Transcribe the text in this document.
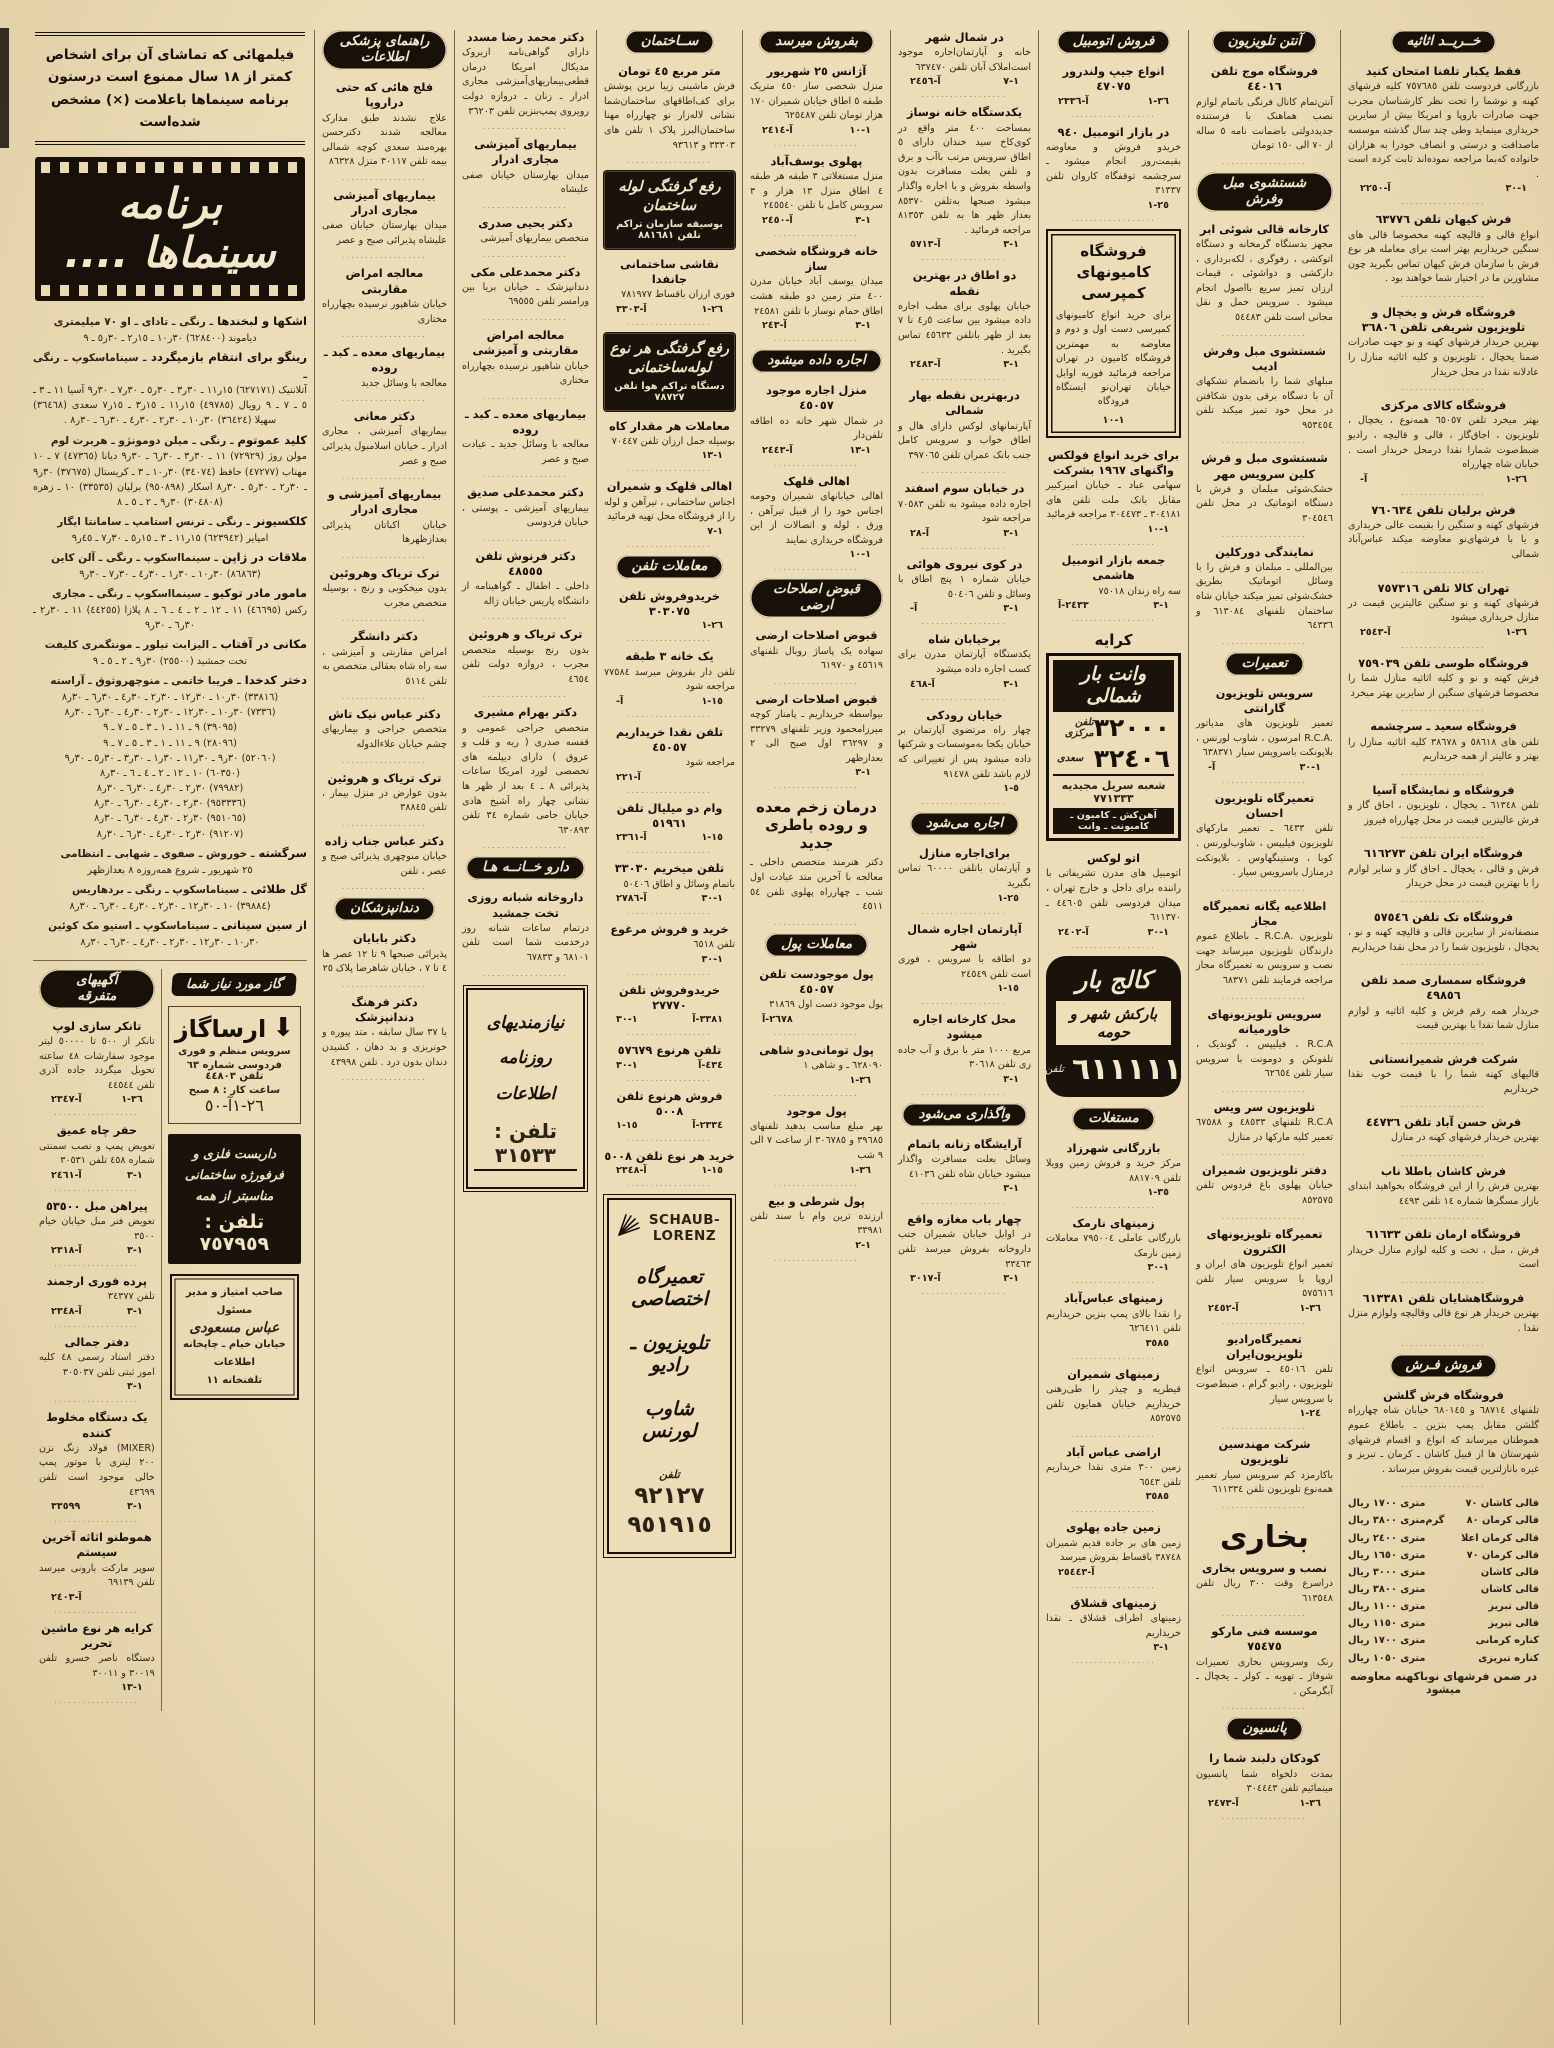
خــریــد اثاثیه
فقط یکبار تلفنا امتحان کنید
بازرگانی فردوست تلفن ۷٥۷٦۸٥ کلیه فرشهای کهنه و نوشما را تحت نظر کارشناسان مجرب جهت صادرات باروپا و امریکا بیش از سایرین خریداری مینماید وطی چند سال گذشته موسسه ماصداقت و درستی و انصاف خودرا به هزاران خانواده که‌بما مراجعه نموده‌اند ثابت کرده است .
۳۰-۱
آ-۲۲٥۰
..................
فرش کیهان تلفن ٦۳۷۷٦
انواع قالی و قالیچه کهنه مخصوصا قالی های سنگین خریداریم بهتر است برای معامله هر نوع فرش با سازمان فرش کیهان تماس بگیرید چون مشاورین ما در اختیار شما خواهند بود .
..................
فروشگاه فرش و یخچال و تلویزیون شریفی تلفن ۳٦۸۰٦
بهترین خریدار فرشهای کهنه و نو جهت صادرات ضمنا یخچال ، تلویزیون و کلیه اثاثیه منازل را عادلانه نقدا در محل خریدار
..................
فروشگاه کالای مرکزی
بهتر میخرد تلفن ٦٥۰٥۷ همه‌نوع ، یخچال ، تلویزیون ، اجاق‌گاز ، قالی و قالیچه ، رادیو ضبط‌صوت شمارا نقدا درمحل خریدار است . خیابان شاه چهارراه
۲٦-۱
آ-
..................
فرش برلیان تلفن ۷٦۰٦۳٤
فرشهای کهنه و سنگین را بقیمت عالی خریداری و یا با فرشهای‌نو معاوضه میکند عباس‌آباد شمالی
..................
تهران کالا تلفن ۷٥۷۳۱٦
فرشهای کهنه و نو سنگین عالیترین قیمت در منازل خریداری میشود
۳٦-۱
آ-۲٥٤۳
..................
فروشگاه طوسی تلفن ۷٥۹۰۳۹
فرش کهنه و نو و کلیه اثاثیه منازل شما را مخصوصا فرشهای سنگین از سایرین بهتر میخرد
..................
فروشگاه سعید ـ سرچشمه
تلفن های ٥۸٦۱۸ و ۳۸٦۷۸ کلیه اثاثیه منازل را بهتر و عالیتر از همه خریداریم
..................
فروشگاه و نمایشگاه آسیا
تلفن ٦۱۳٤۸ ـ یخچال ، تلویزیون ، اجاق گاز و فرش عالیترین قیمت در محل چهارراه فیروز
..................
فروشگاه ایران تلفن ٦۱٦۲۷۳
فرش و قالی ، یخچال ـ اجاق گاز و سایر لوازم را با بهترین قیمت در محل خریدار
..................
فروشگاه تک تلفن ٥۷٥٤٦
منصفانه‌تر از سایرین قالی و قالیچه کهنه و نو ، یخچال ، تلویزیون شما را در محل نقدا خریداریم
..................
فروشگاه سمساری صمد تلفن ٤۹۸٥٦
خریدار همه رقم فرش و کلیه اثاثیه و لوازم منازل شما نقدا با بهترین قیمت
..................
شرکت فرش شمیرانستانی
قالیهای کهنه شما را با قیمت خوب نقدا خریداریم
..................
فرش حسن آباد تلفن ٤٤۷۳٦
بهترین خریدار فرشهای کهنه در منازل
..................
فرش کاشان باطلا ناب
بهترین فرش را از این فروشگاه بخواهید ابتدای بازار مسگرها شماره ۱٤ تلفن ٤٤۹۳
..................
فروشگاه ارمان تلفن ٦۱٦۳۳
فرش ، مبل ، تخت و کلیه لوازم منازل خریدار است
..................
فروشگاهشایان تلفن ٦۱۳۳۸۱
بهترین خریدار هر نوع قالی وقالیچه ولوازم منزل نقدا .
..................
فروش فـرش
فروشگاه فرش گلشن
تلفنهای ٦۸۷۱٤ و ٦۸۰۱٤٥ خیابان شاه چهارراه گلشن مقابل پمپ بنزین ـ باطلاع عموم هموطنان میرساند که انواع و اقسام فرشهای شهرستان ها از قبیل کاشان ـ کرمان ـ تبریز و غیره بانازلترین قیمت بفروش میرساند .
..................
قالی کاشان ۷۰
متری ۱۷۰۰ ریال
قالی کرمان ۸۰
گرم‌متری ۳۸۰۰ ریال
قالی کرمان اعلا
متری ۲٤۰۰ ریال
قالی کرمان ۷۰
متری ۱٦٥۰ ریال
قالی کاشان
متری ۳۰۰۰ ریال
قالی کاشان
متری ۳۸۰۰ ریال
قالی تبریز
متری ۱۱۰۰ ریال
قالی تبریز
متری ۱۱٥۰ ریال
کناره کرمانی
متری ۱۷۰۰ ریال
کناره تبریزی
متری ۱۰٥۰ ریال
در ضمن فرشهای نوباکهنه معاوضه میشود
آنتن تلویزیون
فروشگاه موج تلفن ٤٤۰۱٦
آنتن‌تمام کانال فرنگی باتمام لوازم نصب هماهنک با فرستنده جدیددولتی باضمانت نامه ٥ ساله از ۷۰ الی ۱٥۰ تومان
..................
شستشوی مبل وفرش
کارخانه قالی شوئی ابر
مجهز بدستگاه گرمخانه و دستگاه اتوکشی ، رفوگری ، لکه‌برداری ، دارکشی و دواشوئی ، قیمات ارزان تمیز سریع بااصول انجام میشود . سرویس حمل و نقل مجانی است تلفن ٥٤٤۸۳
..................
شستشوی مبل وفرش ادیب
مبلهای شما را بانضمام تشکهای آن با دسگاه برقی بدون شکافتن در محل خود تمیز میکند تلفن ۹٥۳٤٥٤
..................
شستشوی مبل و فرش کلین سرویس مهر
خشک‌شوئی مبلمان و فرش با دستگاه اتوماتیک در محل تلفن ۳۰٤٥٤٦
..................
نمایندگی دورکلین
بین‌المللی ـ مبلمان و فرش را با وسائل اتوماتیک بطریق خشک‌شوئی تمیز میکند خیابان شاه ساختمان تلفنهای ٦۱۳۰۸٤ و ٦٤۳۳٦
..................
تعمیرات
سرویس تلویزیون گارانتی
تعمیر تلویزیون های مدیاتور .R.C.A امرسون ، شاوب لورنس ، بلاپونکت باسرویس سیار ٦۳۸۳۷۱
۳۰-۱
آ-
..................
تعمیرگاه تلویزیون احسان
تلفن ٦٤۳۳ ـ تعمیر مارکهای تلویزیون فیلیپس ، شاوب‌لورنس . کوبا ، وستینگهاوس . بلاپونکت درمنازل باسرویس سیار .
..................
اطلاعیه یگانه تعمیرگاه مجاز
تلویزیون .R.C.A ـ باطلاع عموم دارندگان تلویزیون میرساند جهت نصب و سرویس به تعمیرگاه مجاز مراجعه فرمایند تلفن ٦۸۳۷۱
..................
سرویس تلویزیونهای خاورمیانه
R.C.A ، فیلیپس ، گوندیک ، تلفونکن و دومونت با سرویس سیار تلفن ٦۲٦٥٤
..................
تلویزیون سر ویس
R.C.A تلفنهای ٤۸٥۳۳ و ٦۷٥۸٨ تعمیر کلیه مارکها در منازل
..................
دفتر تلویزیون شمیران
خیابان پهلوی باغ فردوس تلفن ۸٥۲٥۷٥
..................
تعمیرگاه تلویزیونهای الکترون
تعمیر انواع تلویزیون های ایران و اروپا با سرویس سیار تلفن ٥۷٥٦۱٦
۳٦-۱
آ-۲٤٥۲
..................
تعمیرگاه‌رادیو تلویزیون‌ایران
تلفن ٤٥۰۱٦ ـ سرویس انواع تلویزیون ، رادیو گرام ، ضبط‌صوت با سرویس سیار
۲٤-۱
..................
شرکت مهندسین تلویزیون
باکارمزد کم سرویس سیار تعمیر همه‌نوع تلویزیون تلفن ٦۱۱۳۳٤
..................
بخاری
نصب و سرویس بخاری
دراسرع وقت ۳۰۰ ریال تلفن ٦۱۳٥٤۸
..................
موسسه فنی مارکو ۷٥٤۷٥
رنک وسرویس بخاری تعمیرات شوفاژ ـ تهویه ـ کولر ـ یخچال ـ آبگرمکن .
..................
پانسیون
کودکان دلبند شما را
بمدت دلخواه شما پانسیون مینمائیم تلفن ۳۰٤٤٤۳
۳٦-۱
آ-۲٤۷۳
..................
فروش اتومبیل
انواع جیپ ولندرور ٤۷۰۷٥
۳٦-۱
آ-۲۳۳٦
..................
در بازار اتومبیل ۹٤۰
خریدو فروش و معاوضه بقیمت‌روز انجام میشود ـ سرچشمه توقفگاه کاروان تلفن ۳۱۳۳۷
۲٥-۱
..................
فروشگاه کامیونهای
کمپرسی
برای خرید انواع کامیونهای کمپرسی دست اول و دوم و معاوضه به مهمترین فروشگاه کامیون در تهران مراجعه فرمائید فوزیه اوایل خیابان تهران‌نو ایستگاه فرودگاه
۱۰-۱
برای خرید انواع فولکس واگنهای ۱۹٦۷ بشرکت
سهامی عباد ـ خیابان امیرکبیر مقابل بانک ملت تلفن های ۳۰٤۱۸۱ ـ ۳۰٤٤۷۳ مراجعه فرمائید
۱۰-۱
..................
جمعه بازار اتومبیل هاشمی
سه راه زندان ۷٥۰۱۸
۳-۱
۲٤۳۳-آ
..................
کرایه
وانت بار شمالی
۳۲۰۰۰
تلفن مرکزی
۳۲٤۰٦
سعدی
شعبه سریل مجیدیه ۷۷۱۳۳۳
آهن‌کش ـ کامیون ـ کامیونت ـ وانت
اتو لوکس
اتومبیل های مدرن تشریفاتی با راننده برای داخل و خارج تهران ، میدان فردوسی تلفن ٤٤٦۰٥ ـ ٦۱۱۳۷۰
۳۰-۱
آ-۲٤۰۲
..................
کالج بار
بارکش شهر و حومه
٦۱۱۱۱۱
تلفن
مستغلات
بازرگانی شهرزاد
مرکز خرید و فروش زمین وویلا تلفن ۸۸۱۷۰۹
۳٥-۱
..................
زمینهای نارمک
بازرگانی عاملی ۷۹٥۰۰٤ معاملات زمین نارمک
۳۰-۱
..................
زمینهای عباس‌آباد
را نقدا بالای پمپ بنزین خریداریم تلفن ٦۲٦٤۱۱
۳٥۸٥
..................
زمینهای شمیران
قیطریه و چیذر را طی‌رهنی خریداریم خیابان همایون تلفن ۸٥۲٥۷٥
..................
اراضی عباس آباد
زمین ۳۰۰ متری نقدا خریداریم تلفن ٦٥٤۳
۳٥۸٥
..................
زمین جاده پهلوی
زمین های بر جاده قدیم شمیران ۳۸۷٤۸ باقساط بفروش میرسد
آ-۲٥٤٤۳
..................
زمینهای قشلاق
زمینهای اطراف قشلاق ـ نقدا خریداریم
۳-۱
..................
در شمال شهر
خانه و آپارتمان‌اجاره موجود است‌املاک آبان تلفن ٦۳۷٤۷۰
۷-۱
آ-۲٤٥٦
..................
یکدستگاه خانه نوساز
بمساحت ٤۰۰ متر واقع در کوی‌کاخ سید خندان دارای ٥ اطاق سرویس مرتب باآب و برق و تلفن بعلت مسافرت بدون واسطه بفروش و یا اجاره واگذار میشود صبحها به‌تلفن ۸٥۳۷۰ بعداز ظهر ها به تلفن ۸۱۳٥۳ مراجعه فرمائید .
۳-۱
آ-٥۷۱۳
..................
دو اطاق در بهترین نقطه
خیابان پهلوی برای مطب اجاره داده میشود بین ساعت ٥ر٤ تا ۷ بعد از ظهر باتلفن ٤٥٦۳۳ تماس بگیرید .
۳-۱
آ-۲٤۸۳
..................
دربهترین نقطه بهار شمالی
آپارتمانهای لوکس دارای هال و اطاق خواب و سرویس کامل جنب بانک عمران تلفن ۳۹۷۰٦٥
..................
در خیابان سوم اسفند
اجاره داده میشود به تلفن ۷۰٥۸۳ مراجعه شود
۳-۱
آ-۲۸
..................
در کوی نیروی هوائی
خیابان شماره ۱ پنج اطاق با وسائل و تلفن ٥۰٤۰٦
۳-۱
آ-
..................
برخیابان شاه
یکدستگاه آپارتمان مدرن برای کسب اجاره داده میشود
۳-۱
آ-٤٦۸
..................
خیابان رودکی
چهار راه مرتضوی آپارتمان بر خیابان یکجا به‌موسسات و شرکتها داده میشود پس از تغییراتی که لازم باشد تلفن ۹۱٤۷۸
٥-۱
..................
اجاره می‌شود
برای‌اجاره منازل
و آپارتمان باتلفن ٦۰۰۰۰ تماس بگیرید
۲٥-۱
..................
آپارتمان اجاره شمال شهر
دو اطاقه با سرویس ، فوری است تلفن ۲٤٥٤۹
۱٥-۱
..................
محل کارخانه اجاره میشود
مربع ۱۰۰۰ متر با برق و آب جاده ری تلفن ۳۰٦۱۸
۳-۱
..................
واگذاری می‌شود
آرایشگاه زنانه باتمام
وسائل بعلت مسافرت واگذار میشود خیابان شاه تلفن ٤۱۰۳٦
۳-۱
..................
چهار باب مغازه واقع
در اوایل خیابان شمیران جنب داروخانه بفروش میرسد تلفن ۳۳٤٦۳
۳-۱
آ-۳۰۱۷
..................
بفروش میرسد
آژانس ۲٥ شهریور
منزل شخصی ساز ٤٥۰ متریک طبقه ٥ اطاق خیابان شمیران ۱۷۰ هزار تومان تلفن ٦۲٥٤۸۷
۱۰-۱
آ-۲٤۱٤
..................
پهلوی یوسف‌آباد
منزل مستغلاتی ۳ طبقه هر طبقه ٤ اطاق منزل ۱۳ هزار و ۳ سرویس کامل با تلفن ۲٤٥٥٤۰
۳-۱
آ-۲٤٥۰
..................
خانه فروشگاه شخصی ساز
میدان یوسف آباد خیابان مدرن ٤۰۰ متر زمین دو طبقه هشت اطاق حمام نوساز با تلفن ۲٤٥۸۱
۳-۱
آ-۲٤۳
..................
اجاره داده میشود
منزل اجاره موجود ٤٥۰٥۷
در شمال شهر خانه ده اطاقه تلفن‌دار
۱۳-۱
آ-۲٤٤۳
..................
اهالی قلهک
اهالی خیابانهای شمیران وحومه اجناس خود را از قبیل تیرآهن ، ورق ، لوله و اتصالات از این فروشگاه خریداری نمایند
۱۰-۱
..................
قبوض اصلاحات ارضی
قبوض اصلاحات ارضی
سهاده یک پاساژ روبال تلفنهای ٤٥٦۱۹ و ٦۱۹۷۰
..................
قبوض اصلاحات ارضی
بیواسطه خریداریم ـ پامنار کوچه میرزامحمود وزیر تلفنهای ۳۳۲۷۹ و ۳٦۲۹۷ اول صبح الی ۲ بعدازظهر
۳-۱
..................
درمان زخم معده و روده باطری جدید
دکتر هنرمند متخصص داخلی ـ معالجه با آخرین متد عیادت اول شب ـ چهارراه پهلوی تلفن ٥٤ ٤٥۱۱
..................
معاملات پول
پول موجودست تلفن ٤٥۰٥۷
پول موجود دست اول ۳۱۸٦۹
۲٦۷۸-آ
..................
پول تومانی‌دو شاهی
٦۲۸۰۹۰ ـ و شاهی ۱
۳٦-۱
..................
پول موجود
بهر مبلغ مناسب بدهید تلفنهای ۳۹٦۸٥ و ۳۰٦۷۸٥ از ساعت ۷ الی ۹ شب
۳٦-۱
..................
پول شرطی و بیع
ارزنده ترین وام با سند تلفن ۳۳۹۸۱
۲-۱
..................
ســاختمان
متر مربع ٤٥ تومان
فرش ماشینی زیبا نرین پوشش برای کف‌اطاقهای ساختمان‌شما نشانی لاله‌زار نو چهارراه مهنا ساختمان‌البرز پلاک ۱ تلفن های ۳۳۳۰۳ و ۹۳٦۱۳
..................
رفع گرفتگی لوله ساختمان
بوسیقه سازمان تراکم تلفن ۸۸۱٦۸۱
نقاشی ساختمانی جانفدا
فوری ارزان باقساط ۷۸۱۹۷۷
۲٦-۱
آ-۳۳۰۳
..................
رفع گرفتگی هر نوع لوله‌ساختمانی
دستگاه تراکم هوا تلفن ۷۸۷۲۷
معاملات هر مقدار کاه
بوسیله حمل ارزان تلفن ۷۰٤٤۷
۱۳-۱
..................
اهالی قلهک و شمیران
اجناس ساختمانی ، تیرآهن و لوله را از فروشگاه محل تهیه فرمائید
۷-۱
..................
معاملات تلفن
خریدوفروش تلفن ۳۰۳۰۷٥
۲٦-۱
..................
یک خانه ۳ طبقه
تلفن دار بفروش میرسد ۷۷٥۸٤ مراجعه شود
۱٥-۱
آ-
..................
تلفن نقدا خریداریم ٤٥۰٥۷
مراجعه شود
آ-۲۲۱
..................
وام دو میلیال تلفن ٥۱۹٦۱
۱٥-۱
آ-۲۳٦۱
..................
تلفن میخریم ۳۳۰۳۰
باتمام وسائل و اطاق ٥۰٤۰٦
۳۰-۱
آ-۲۷۸٦
..................
خرید و فروش مرغوع
تلفن ٦٥۱۸
۳۰-۱
..................
خریدوفروش تلفن ۲۷۷۷۰
۳۳۸۱-آ
۳۰-۱
..................
تلفن هرنوع ٥۷٦۷۹
٤۳٤-آ
۳۰-۱
..................
فروش هرنوع تلفن ٥۰۰۸
۲۳۳٤-آ
۱٥-۱
..................
خرید هر نوع تلفن ٥۰۰۸
۱٥-۱
آ-۲۳٤۸
..................
SCHAUB-LORENZ
تعمیرگاه اختصاصی
تلویزیون ـ رادیو
شاوب لورنس
تلفن
۹۲۱۲۷
۹٥۱۹۱٥
دکتر محمد رضا مسدد
دارای گواهی‌نامه ازبروک مدیکال امریکا درمان قطعی‌بیماریهای‌آمیزشی مجاری ادرار ـ زنان ـ دروازه دولت رویروی پمپ‌بنزین تلفن ۳٦۲۰۳
..................
بیماریهای آمیزشی مجاری ادرار
میدان بهارستان خیابان صفی علیشاه
..................
دکتر یحیی صدری
متخصص بیماریهای آمیزشی
..................
دکتر محمدعلی مکی
دندانپزشک ـ خیابان بریا بین ورامسر تلفن ٦۹٥٥٥
..................
معالجه امراض مقاربتی و آمیزشی
خیابان شاهپور نرسیده بچهارراه مختاری
..................
بیماریهای معده ـ کبد ـ روده
معالجه با وسائل جدید ـ عیادت صبح و عصر
..................
دکتر محمدعلی صدیق
بیماریهای آمیزشی ـ پوستی ، خیابان فردوسی
..................
دکتر فرنوش تلفن ٤۸٥٥٥
داخلی ـ اطفال ـ گواهینامه از دانشگاه پاریس خیابان ژاله
..................
ترک تریاک و هروئین
بدون رنج بوسیله متخصص مجرب ، دروازه دولت تلفن ٤٦٥٤
..................
دکتر بهرام مشیری
متخصص جراحی عمومی و قفسه صدری ( ریه و قلب و عروق ) دارای دیپلمه های تخصصی لورد امریکا ساعات پذیرائی ۸ ـ ٤ بعد از ظهر ها نشانی چهار راه آشیخ هادی خیابان جامی شماره ۳٤ تلفن ٦۳۰۸۹۳
..................
دارو خــانــه هـا
داروخانه شبانه روزی تخت جمشید
درتمام ساعات شبانه روز درخدمت شما است تلفن ٦۸۱۰۱ و ٦۷۸۳۳
..................
نیازمندیهای
روزنامه اطلاعات
تلفن : ۳۱٥۳۳
راهنمای پزشکی اطلاعات
فلج هائی که حتی دراروپا
علاج نشدند طبق مدارک معالجه شدند دکترحسن بهره‌مند سعدی کوچه شمالی بیمه تلفن ۳۰۱۱۷ منزل ۸٦۳۲۸
..................
بیماریهای آمیزشی مجاری ادرار
میدان بهارستان خیابان صفی علیشاه پذیرائی صبح و عصر
..................
معالجه امراض مقاربتی
خیابان شاهپور نرسیده بچهارراه مختاری
..................
بیماریهای معده ـ کبد ـ روده
معالجه با وسائل جدید
..................
دکتر معانی
بیماریهای آمیزشی ، مجاری ادرار ـ خیابان اسلامبول پذیرائی صبح و عصر
..................
بیماریهای آمیزشی و مجاری ادرار
خیابان اکباتان پذیرائی بعدازظهرها
..................
ترک تریاک وهروئین
بدون میخکوبی و رنج ، بوسیله متخصص مجرب
..................
دکتر دانشگر
امراض مقاربتی و آمیزشی ، سه راه شاه بعقالی متخصص به تلفن ٥۱۱٤
..................
دکتر عباس نیک تاش
متخصص جراحی و بیماریهای چشم خیابان علاءالدوله
..................
ترک تریاک و هروئین
بدون عوارض در منزل بیمار ، تلفن ۳۸۸٤٥
..................
دکتر عباس جناب زاده
خیابان منوچهری پذیرائی صبح و عصر ، تلفن
..................
دندانپزشکان
دکتر بابایان
پذیرائی صبحها ۹ تا ۱۲ عصر ها ٤ تا ۷ ، خیابان شاهرضا پلاک ۲٥
..................
دکتر فرهنگ دندانپزشک
با ۳۷ سال سابقه ، متد پیوره و خونریزی و بد دهان ، کشیدن دندان بدون درد . تلفن ٤۳۹۹۸
..................
فیلمهائی که تماشای آن برای اشخاص کمتر از ۱۸ سال ممنوع است درستون برنامه سینماها باعلامت (×) مشخص شده‌است
برنامه سینماها ....
اشکها و لبخندها ـ رنگی ـ تادای ـ او ۷۰ میلیمتری
دیاموند (٦۲۸٤۰۰) ۳۰ر۱۰ ـ ۱٥ر۲ ـ ۳۰ر٥ ـ ۹
رینگو برای انتقام بازمیگردد ـ سیناماسکوپ ـ رنگی ـ
آتلانتیک (٦۲۷۱۷۱) ۱٥ر۱۱ ـ ۳۰ر۳ ـ ۳۰ر٥ ـ ۳۰ر۷ ـ ۳۰ر۹ آسیا ۱۱ ـ ۳ ـ ٥ ـ ۷ ـ ۹ رویال (٤۹۷۸٥) ۱٥ر۱۱ ـ ۱٥ر۳ ـ ۱٥ر۷ سعدی (۳٦٤٦۸) سهیلا (۳٦٤۲٤) ۳۰ر۱۰ ـ ۳۰ر۲ ـ ۳۰ر٤ ـ ۳۰ر٦ ـ ۳۰ر۸ .
کلید عموتوم ـ رنگی ـ میلن دومونژو ـ هربرت لوم
مولن روژ (۷۲۹۲۹) ۱۱ ـ ۳۰ر۳ ـ ۳۰ر٦ ـ ۳۰ر۹ دیانا (٤۷۳٦٥) ۷ ـ ۱۰ مهتاب (٤۷۲۷۷) حافظ (۳٤۰۷٤) ۳۰ر۱۰ ـ ۳ ـ کریستال (۳۷٦۷٥) ۳۰ر۹ ـ ۳۰ر۲ ـ ۳۰ر٥ ـ ۳۰ر۸ اسکار (۹٥۰۸۹۸) برلیان (۳۳٥۳٥) ۱۰ ـ زهره (۳۰٤۸۰۸) ۳۰ر۹ ـ ۲ ـ ٥ ـ ۸
کلکسیونر ـ رنگی ـ ترنس استامپ ـ سامانتا ایگار
امپایر (٦۲۳۹٤۲) ۱٥ر۱۱ ـ ۳ ـ ۱٥ر٥ ـ ۳۰ر۷ ـ ٤٥ر۹
ملاقات در ژاپن ـ سینمااسکوپ ـ رنگی ـ آلن کاین
(۸٦۸٦۳) ۳۰ر۱۰ ـ ۳۰ر۱ ـ ۳۰ر٤ ـ ۳۰ر۷ ـ ۳۰ر۹
مامور مادر توکیو ـ سینمااسکوپ ـ رنگی ـ مجاری
رکس (٤٦٦۹٥) ۱۱ ـ ۱۲ ـ ۲ ـ ٤ ـ ٦ ـ ۸ پلازا (٤٤۲٥٥) ۱۱ ـ ۳۰ر۲ ـ ۳۰ر٦ ـ ۳۰ر۹
مکانی در آفتاب ـ الیزابت تیلور ـ مونتگمری کلیفت
تخت جمشید (۲٥٥۰۰) ۳۰ر۹ ـ ۲ ـ ٥ ـ ۹
دختر کدخدا ـ فریبا خاتمی ـ منوچهروثوق ـ آراسته
(۳۳۸۱٦) ۳۰ر۱۰ ـ ۳۰ر۱۲ ـ ۳۰ر۲ ـ ۳۰ر٤ ـ ۳۰ر٦ ـ ۳۰ر۸
(۷۳۳٦) ۳۰ر۱۰ ـ ۳۰ر۱۲ ـ ۳۰ر۲ ـ ۳۰ر٤ ـ ۳۰ر٦ ـ ۳۰ر۸
(۳۹۰۹٥) ۹ ـ ۱۱ ـ ۱ ـ ۳ ـ ٥ ـ ۷ ـ ۹
(۲۸۰۹٦) ۹ ـ ۱۱ ـ ۱ ـ ۳ ـ ٥ ـ ۷ ـ ۹
(٥۲۰٦۰) ۳۰ر۹ ـ ۳۰ر۱۱ ـ ۳۰ر۱ ـ ۳۰ر۳ ـ ۳۰ر٥ ـ ۳۰ر۹
(٦۰۳٥۰) ۱۰ ـ ۱۲ ـ ۲ ـ ٤ ـ ٦ ـ ۳۰ر۸
(۷۹۹۸۲) ۳۰ر۲ ـ ۳۰ر٤ ـ ۳۰ر٦ ـ ۳۰ر۸
(۹٥۳۳۳٦) ۳۰ر۲ ـ ۳۰ر٤ ـ ۳۰ر٦ ـ ۳۰ر۸
(۹٥۱۰٦٥) ۳۰ر۲ ـ ۳۰ر٤ ـ ۳۰ر٦ ـ ۳۰ر۸
(۹۱۲۰۷) ۳۰ر۲ ـ ۳۰ر٤ ـ ۳۰ر٦ ـ ۳۰ر۸
سرگشته ـ خوروش ـ صفوی ـ شهابی ـ انتظامی
۲٥ شهریور ـ شروع همه‌روزه ۸ بعدازظهر
گل طلائی ـ سیناماسکوپ ـ رنگی ـ بردهاریس
(۳۹۸۸٤) ۱۰ ـ ۳۰ر۱۲ ـ ۳۰ر۲ ـ ۳۰ر٤ ـ ۳۰ر٦ ـ ۳۰ر۸
از سین سیناتی ـ سیناماسکوپ ـ استیو مک کوئین
۳۰ر۱۰ ـ ۳۰ر۱۲ ـ ۳۰ر۲ ـ ۳۰ر٤ ـ ۳۰ر٦ ـ ۳۰ر۸
گاز مورد نیاز شما
⬇
ارساگاز
سرویس منظم و فوری
فردوسی شماره ٦۳ تلفن ٤٤۸۰۳
ساعت کار : ۸ صبح
۲٦-۱آ-٥۰
داربست فلزی و فرفورژه ساختمانی
مناسبتر از همه
تلفن : ۷٥۷۹٥۹
صاحب امتیاز و مدیر مسئول
عباس مسعودی
خیابان خیام ـ چاپخانه اطلاعات
تلفنخانه ۱۱
آگهیهای متفرقه
تانکر سازی لوپ
تانکر از ٥۰۰ تا ٥۰۰۰۰ لیتر موجود سفارشات ٤۸ ساعته تحویل میگردد جاده آذری تلفن ٤٤٥٤٤
۳٦-۱
آ-۲۳٤۷
..................
حفر چاه عمیق
تعویض پمپ و نصب سمنتی شماره ٤٥۸ تلفن ۳۰٥۳۱
۳-۱
آ-۲٤٦۱
..................
پیراهن مبل ٥۳٥۰۰
تعویض فنر مبل خیابان خیام ۳٥۰۰
۳-۱
آ-۲۳۱۸
..................
پرده فوری ارجمند
تلفن ۳٤۳۷۷
۳-۱
آ-۲۳٤۸
..................
دفتر جمالی
دفتر اسناد رسمی ٤۸ کلیه امور ثبتی تلفن ۳۰٥۰۳۷
۳-۱
..................
یک دستگاه مخلوط کننده
(MIXER) فولاد زنگ نزن ۲۰۰ لیتری با موتور پمپ خالی موجود است تلفن ٤۳٦۹۹
۳-۱
۳۳٥۹۹
..................
هموطنو اثاثه آخرین سیستم
سوپر مارکت بارونی میرسد تلفن ٦۹۱۳۹
آ-۲٤۰۳
..................
کرایه هر نوع ماشین تحریر
دستگاه ناصر خسرو تلفن ۳۰۰۱۹ و ۳۰۰۱۱
۱۳-۱
..................
